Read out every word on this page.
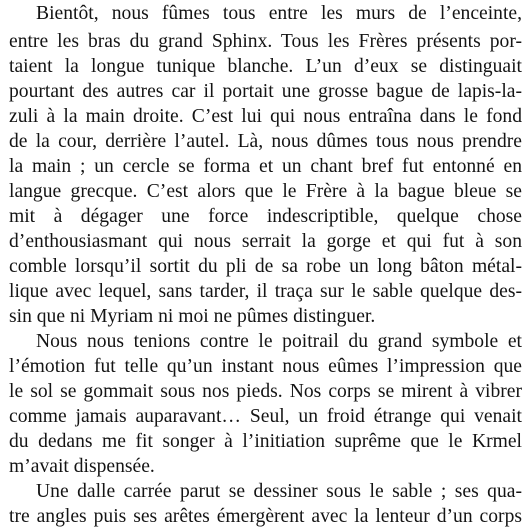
Bientôt, nous fûmes tous entre les murs de l’enceinte,
entre les bras du grand Sphinx. Tous les Frères présents por-
taient la longue tunique blanche. L’un d’eux se distinguait
pourtant des autres car il portait une grosse bague de lapis-la-
zuli à la main droite. C’est lui qui nous entraîna dans le fond
de la cour, derrière l’autel. Là, nous dûmes tous nous prendre
la main ; un cercle se forma et un chant bref fut entonné en
langue grecque. C’est alors que le Frère à la bague bleue se
mit à dégager une force indescriptible, quelque chose
d’enthousiasmant qui nous serrait la gorge et qui fut à son
comble lorsqu’il sortit du pli de sa robe un long bâton métal-
lique avec lequel, sans tarder, il traça sur le sable quelque des-
sin que ni Myriam ni moi ne pûmes distinguer.
Nous nous tenions contre le poitrail du grand symbole et
l’émotion fut telle qu’un instant nous eûmes l’impression que
le sol se gommait sous nos pieds. Nos corps se mirent à vibrer
comme jamais auparavant… Seul, un froid étrange qui venait
du dedans me fit songer à l’initiation suprême que le Krmel
m’avait dispensée.
Une dalle carrée parut se dessiner sous le sable ; ses qua-
tre angles puis ses arêtes émergèrent avec la lenteur d’un corps
